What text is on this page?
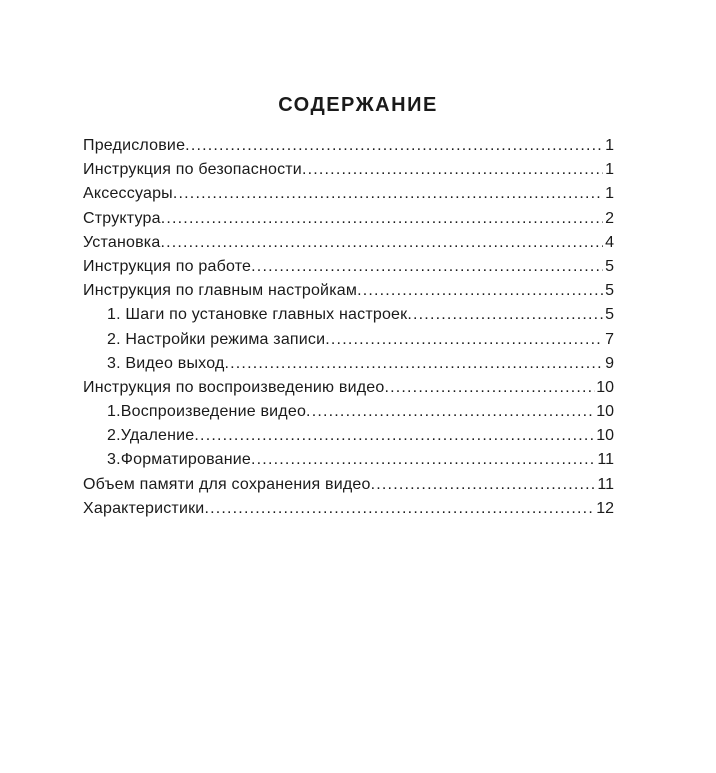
СОДЕРЖАНИЕ
Предисловие .....	1
Инструкция по безопасности .....	1
Аксессуары .....	1
Структура .....	2
Установка .....	4
Инструкция по работе .....	5
Инструкция по главным настройкам .....	5
1. Шаги по установке главных настроек .....	5
2. Настройки режима записи .....	7
3. Видео выход .....	9
Инструкция по воспроизведению видео .....	10
1.Воспроизведение видео .....	10
2.Удаление .....	10
3.Форматирование .....	11
Объем памяти для сохранения видео .....	11
Характеристики .....	12
